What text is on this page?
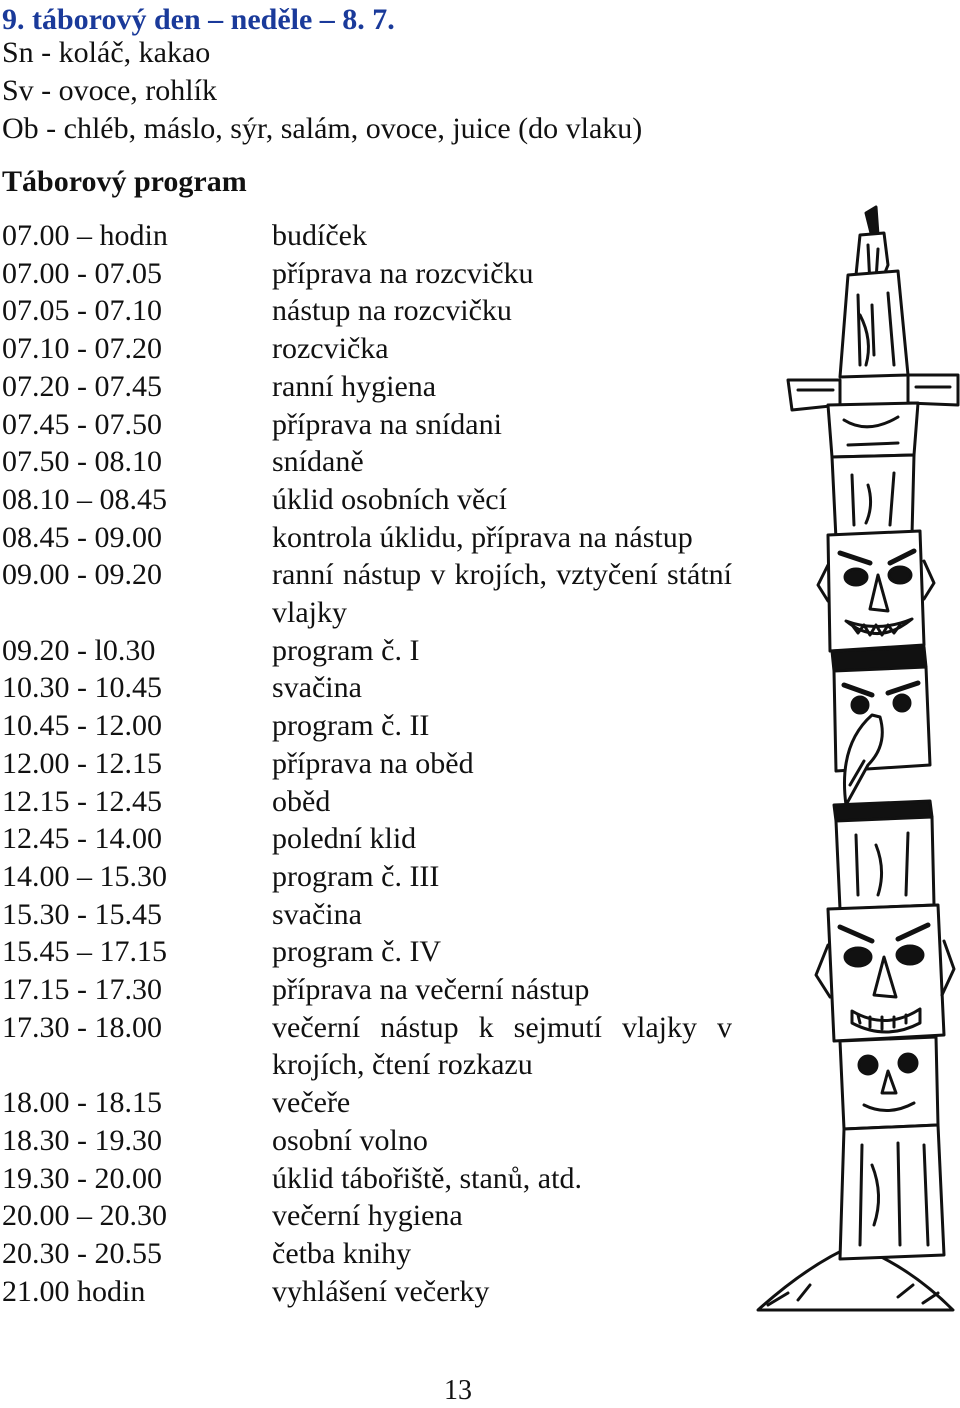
9. táborový den – neděle – 8. 7.
Sn - koláč, kakao
Sv - ovoce, rohlík
Ob - chléb, máslo, sýr, salám, ovoce, juice (do vlaku)
Táborový program
07.00 – hodin	budíček
07.00 - 07.05	příprava na rozcvičku
07.05 - 07.10	nástup na rozcvičku
07.10 - 07.20	rozcvička
07.20 - 07.45	ranní hygiena
07.45 - 07.50	příprava na snídani
07.50 - 08.10	snídaně
08.10 – 08.45	úklid osobních věcí
08.45 - 09.00	kontrola úklidu, příprava na nástup
09.00 - 09.20	ranní nástup v krojích, vztyčení státní vlajky
09.20 - l0.30	program č. I
10.30 - 10.45	svačina
10.45 - 12.00	program č. II
12.00 - 12.15	příprava na oběd
12.15 - 12.45	oběd
12.45 - 14.00	polední klid
14.00 – 15.30	program č. III
15.30 - 15.45	svačina
15.45 – 17.15	program č. IV
17.15 - 17.30	příprava na večerní nástup
17.30 - 18.00	večerní nástup k sejmutí vlajky v krojích, čtení rozkazu
18.00 - 18.15	večeře
18.30 - 19.30	osobní volno
19.30 - 20.00	úklid tábořiště, stanů, atd.
20.00 – 20.30	večerní hygiena
20.30 - 20.55	četba knihy
21.00 hodin	vyhlášení večerky
13
